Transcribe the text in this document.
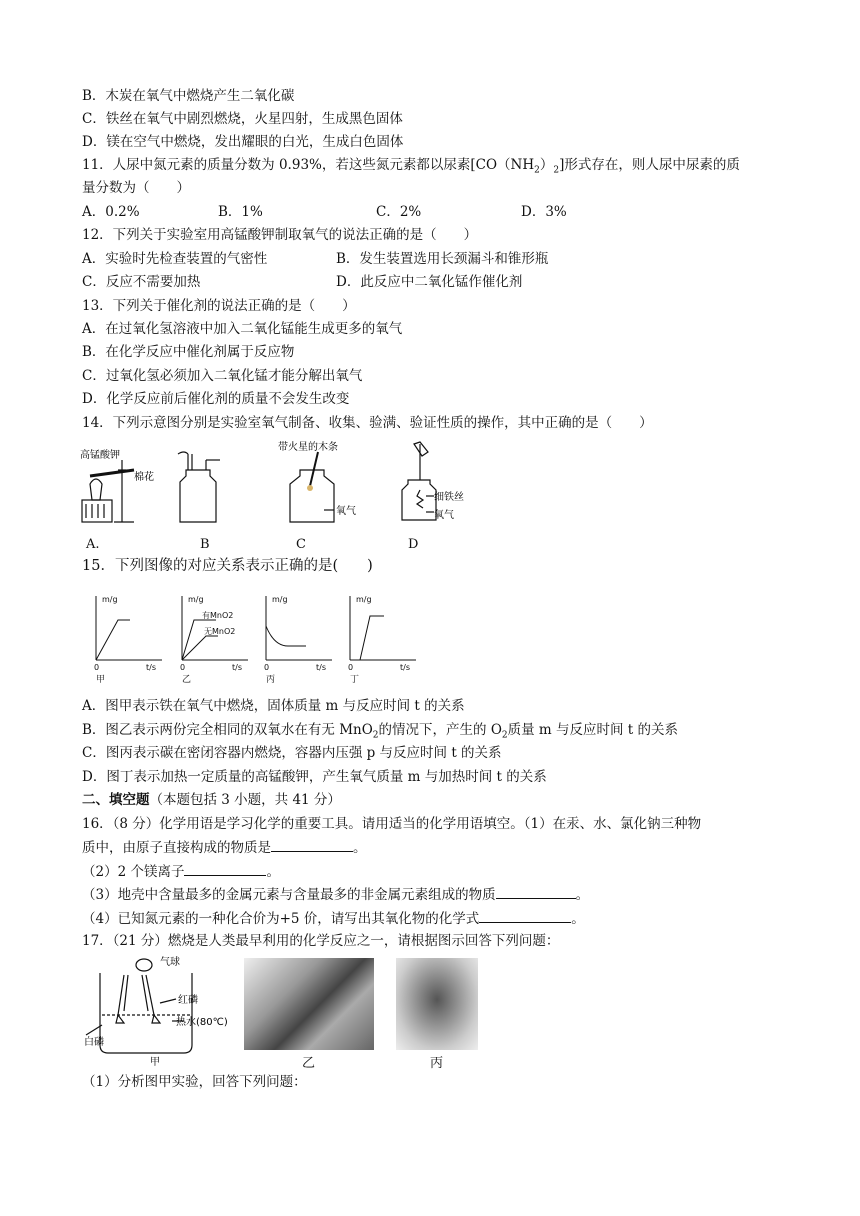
B．木炭在氧气中燃烧产生二氧化碳
C．铁丝在氧气中剧烈燃烧，火星四射，生成黑色固体
D．镁在空气中燃烧，发出耀眼的白光，生成白色固体
11．人尿中氮元素的质量分数为 0.93%，若这些氮元素都以尿素$[CO(NH_2)_2]$形式存在，则人尿中尿素的质
量分数为（　　）
A．0.2%	B．1%	C．2%	D．3%
12．下列关于实验室用高锰酸钾制取氧气的说法正确的是（　　）
A．实验时先检查装置的气密性	B．发生装置选用长颈漏斗和锥形瓶
C．反应不需要加热	D．此反应中二氧化锰作催化剂
13．下列关于催化剂的说法正确的是（　　）
A．在过氧化氢溶液中加入二氧化锰能生成更多的氧气
B．在化学反应中催化剂属于反应物
C．过氧化氢必须加入二氧化锰才能分解出氧气
D．化学反应前后催化剂的质量不会发生改变
14．下列示意图分别是实验室氧气制备、收集、验满、验证性质的操作，其中正确的是（　　）
高锰酸钾
棉花
带火星的木条
氧气
细铁丝
氧气
A.	B	C	D
15．下列图像的对应关系表示正确的是(　　)
m/g
t/s
0
甲
m/g
有MnO2
无MnO2
t/s
0
乙
m/g
t/s
0
丙
m/g
t/s
0
丁
A．图甲表示铁在氧气中燃烧，固体质量 m 与反应时间 t 的关系
B．图乙表示两份完全相同的双氧水在有无 MnO$_2$的情况下，产生的 $O_2$质量 m 与反应时间 t 的关系
C．图丙表示碳在密闭容器内燃烧，容器内压强 p 与反应时间 t 的关系
D．图丁表示加热一定质量的高锰酸钾，产生氧气质量 m 与加热时间 t 的关系
二、填空题（本题包括 3 小题，共 41 分）
16．（8 分）化学用语是学习化学的重要工具。请用适当的化学用语填空。（1）在汞、水、氯化钠三种物
质中，由原子直接构成的物质是	。
（2）2 个镁离子	。
（3）地壳中含量最多的金属元素与含量最多的非金属元素组成的物质	。
（4）已知氮元素的一种化合价为+5 价，请写出其氧化物的化学式	。
17．（21 分）燃烧是人类最早利用的化学反应之一，请根据图示回答下列问题：
气球
红磷
白磷
热水(80℃)
甲	乙	丙
（1）分析图甲实验，回答下列问题：
